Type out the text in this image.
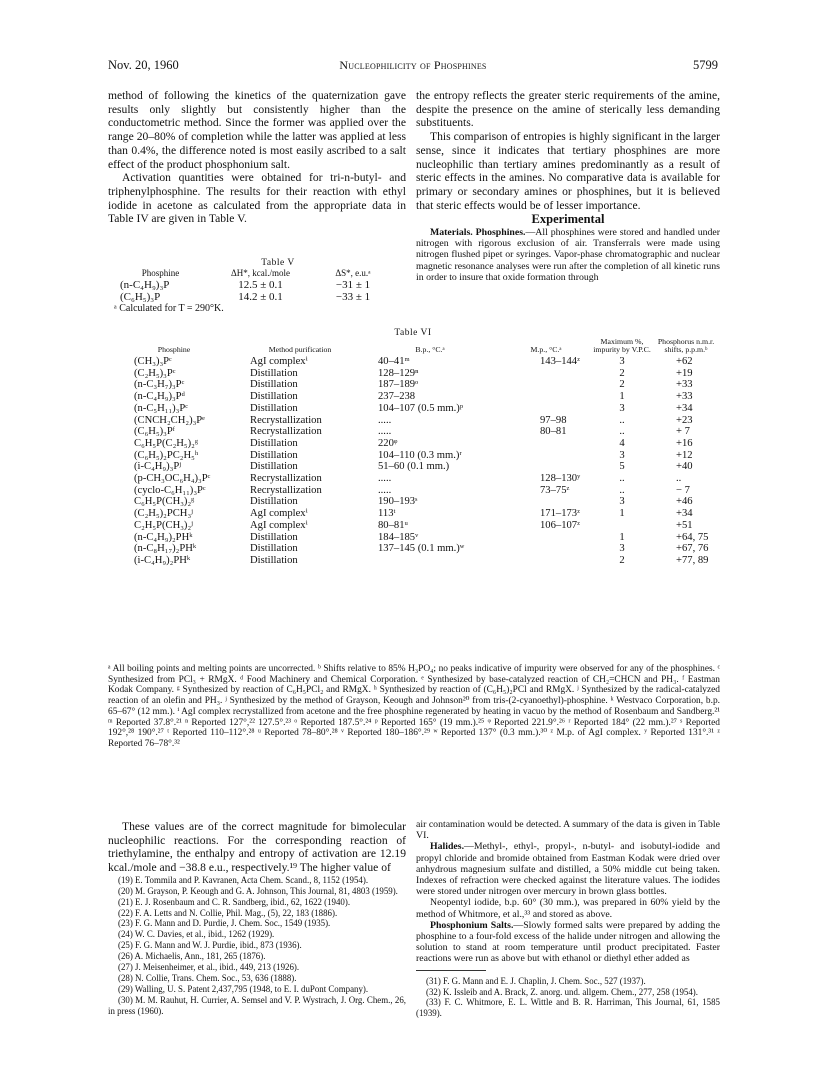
Nov. 20, 1960	Nucleophilicity of Phosphines	5799

method of following the kinetics of the quaternization gave results only slightly but consistently higher than the conductometric method. Since the former was applied over the range 20–80% of completion while the latter was applied at less than 0.4%, the difference noted is most easily ascribed to a salt effect of the product phosphonium salt.

Activation quantities were obtained for tri-n-butyl- and triphenylphosphine. The results for their reaction with ethyl iodide in acetone as calculated from the appropriate data in Table IV are given in Table V.

Table V
Phosphine	ΔH*, kcal./mole	ΔS*, e.u.ᵃ
(n-C₄H₉)₃P	12.5 ± 0.1	−31 ± 1
(C₆H₅)₃P	14.2 ± 0.1	−33 ± 1
ᵃ Calculated for T = 290°K.

the entropy reflects the greater steric requirements of the amine, despite the presence on the amine of sterically less demanding substituents.

This comparison of entropies is highly significant in the larger sense, since it indicates that tertiary phosphines are more nucleophilic than tertiary amines predominantly as a result of steric effects in the amines. No comparative data is available for primary or secondary amines or phosphines, but it is believed that steric effects would be of lesser importance.

Experimental
Materials. Phosphines.—All phosphines were stored and handled under nitrogen with rigorous exclusion of air. Transferrals were made using nitrogen flushed pipet or syringes. Vapor-phase chromatographic and nuclear magnetic resonance analyses were run after the completion of all kinetic runs in order to insure that oxide formation through
Table VI
Phosphine	Method purification	B.p., °C.ᵃ	M.p., °C.ᵃ	Maximum %, impurity by V.P.C.	Phosphorus n.m.r. shifts, p.p.m.ᵇ
(CH₃)₃Pᶜ	AgI complexⁱ	40–41ᵐ	143–144ᶻ	3	+62
(C₂H₅)₃Pᶜ	Distillation	128–129ⁿ		2	+19
(n-C₃H₇)₃Pᶜ	Distillation	187–189ᵒ		2	+33
(n-C₄H₉)₃Pᵈ	Distillation	237–238		1	+33
(n-C₅H₁₁)₃Pᶜ	Distillation	104–107 (0.5 mm.)ᵖ		3	+34
(CNCH₂CH₂)₃Pᵉ	Recrystallization	.....	97–98	..	+23
(C₆H₅)₃Pᶠ	Recrystallization	.....	80–81	..	+ 7
C₆H₅P(C₂H₅)₂ᵍ	Distillation	220ᵠ		4	+16
(C₆H₅)₂PC₂H₅ʰ	Distillation	104–110 (0.3 mm.)ʳ		3	+12
(i-C₄H₉)₃Pʲ	Distillation	51–60 (0.1 mm.)		5	+40
(p-CH₃OC₆H₄)₃Pᶜ	Recrystallization	.....	128–130ʸ	..	..
(cyclo-C₆H₁₁)₃Pᶜ	Recrystallization	.....	73–75ᶻ	..	− 7
C₆H₅P(CH₃)₂ᵍ	Distillation	190–193ˢ		3	+46
(C₂H₅)₂PCH₃ʲ	AgI complexⁱ	113ᵗ	171–173ᶻ	1	+34
C₂H₅P(CH₃)₂ʲ	AgI complexⁱ	80–81ᵘ	106–107ᶻ		+51
(n-C₄H₉)₂PHᵏ	Distillation	184–185ᵛ		1	+64, 75
(n-C₈H₁₇)₂PHᵏ	Distillation	137–145 (0.1 mm.)ʷ		3	+67, 76
(i-C₄H₉)₂PHᵏ	Distillation			2	+77, 89
ᵃ All boiling points and melting points are uncorrected. ᵇ Shifts relative to 85% H₃PO₄; no peaks indicative of impurity were observed for any of the phosphines. ᶜ Synthesized from PCl₃ + RMgX. ᵈ Food Machinery and Chemical Corporation. ᵉ Synthesized by base-catalyzed reaction of CH₂=CHCN and PH₃. ᶠ Eastman Kodak Company. ᵍ Synthesized by reaction of C₆H₅PCl₂ and RMgX. ʰ Synthesized by reaction of (C₆H₅)₂PCl and RMgX. ʲ Synthesized by the radical-catalyzed reaction of an olefin and PH₃. ʲ Synthesized by the method of Grayson, Keough and Johnson²⁰ from tris-(2-cyanoethyl)-phosphine. ᵏ Westvaco Corporation, b.p. 65–67° (12 mm.). ⁱ AgI complex recrystallized from acetone and the free phosphine regenerated by heating in vacuo by the method of Rosenbaum and Sandberg.²¹ ᵐ Reported 37.8°.²¹ ⁿ Reported 127°,²² 127.5°.²³ ᵒ Reported 187.5°.²⁴ ᵖ Reported 165° (19 mm.).²⁵ ᵠ Reported 221.9°.²⁶ ʳ Reported 184° (22 mm.).²⁷ ˢ Reported 192°,²⁸ 190°.²⁷ ᵗ Reported 110–112°.²⁸ ᵘ Reported 78–80°.²⁸ ᵛ Reported 180–186°.²⁹ ʷ Reported 137° (0.3 mm.).³⁰ ᶻ M.p. of AgI complex. ʸ Reported 131°.³¹ ᶻ Reported 76–78°.³²

These values are of the correct magnitude for bimolecular nucleophilic reactions. For the corresponding reaction of triethylamine, the enthalpy and entropy of activation are 12.19 kcal./mole and −38.8 e.u., respectively.¹⁹ The higher value of

(19) E. Tommila and P. Kavranen, Acta Chem. Scand., 8, 1152 (1954).

(20) M. Grayson, P. Keough and G. A. Johnson, This Journal, 81, 4803 (1959).

(21) E. J. Rosenbaum and C. R. Sandberg, ibid., 62, 1622 (1940).

(22) F. A. Letts and N. Collie, Phil. Mag., (5), 22, 183 (1886).

(23) F. G. Mann and D. Purdie, J. Chem. Soc., 1549 (1935).

(24) W. C. Davies, et al., ibid., 1262 (1929).

(25) F. G. Mann and W. J. Purdie, ibid., 873 (1936).

(26) A. Michaelis, Ann., 181, 265 (1876).

(27) J. Meisenheimer, et al., ibid., 449, 213 (1926).

(28) N. Collie, Trans. Chem. Soc., 53, 636 (1888).

(29) Walling, U. S. Patent 2,437,795 (1948, to E. I. duPont Company).

(30) M. M. Rauhut, H. Currier, A. Semsel and V. P. Wystrach, J. Org. Chem., 26, in press (1960).

air contamination would be detected. A summary of the data is given in Table VI.

Halides.—Methyl-, ethyl-, propyl-, n-butyl- and isobutyl-iodide and propyl chloride and bromide obtained from Eastman Kodak were dried over anhydrous magnesium sulfate and distilled, a 50% middle cut being taken. Indexes of refraction were checked against the literature values. The iodides were stored under nitrogen over mercury in brown glass bottles.

Neopentyl iodide, b.p. 60° (30 mm.), was prepared in 60% yield by the method of Whitmore, et al.,³³ and stored as above.

Phosphonium Salts.—Slowly formed salts were prepared by adding the phosphine to a four-fold excess of the halide under nitrogen and allowing the solution to stand at room temperature until product precipitated. Faster reactions were run as above but with ethanol or diethyl ether added as

(31) F. G. Mann and E. J. Chaplin, J. Chem. Soc., 527 (1937).

(32) K. Issleib and A. Brack, Z. anorg. und. allgem. Chem., 277, 258 (1954).

(33) F. C. Whitmore, E. L. Wittle and B. R. Harriman, This Journal, 61, 1585 (1939).
